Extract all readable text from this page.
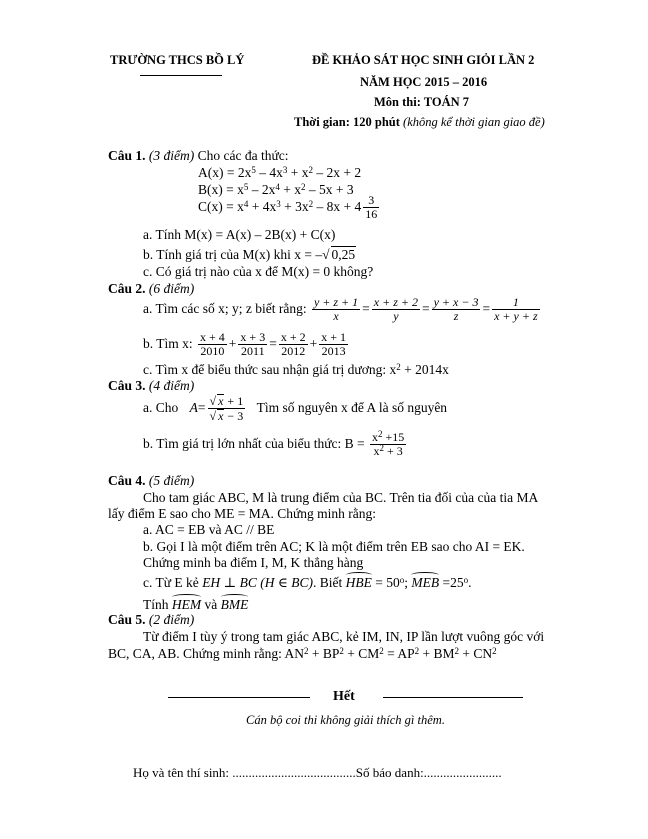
TRƯỜNG THCS BỒ LÝ	ĐỀ KHẢO SÁT HỌC SINH GIỎI LẦN 2
NĂM HỌC 2015 – 2016
Môn thi: TOÁN 7
Thời gian: 120 phút (không kể thời gian giao đề)
Câu 1. (3 điểm) Cho các đa thức:
$A(x) = 2x^5 - 4x^3 + x^2 - 2x + 2$
$B(x) = x^5 - 2x^4 + x^2 - 5x + 3$
$C(x) = x^4 + 4x^3 + 3x^2 - 8x + 4 \frac{3}{16}$
a. Tính M(x) = A(x) – 2B(x) + C(x)
b. Tính giá trị của M(x) khi x = –√ 0,25
c. Có giá trị nào của x để M(x) = 0 không?
Câu 2. (6 điểm)
a. Tìm các số x; y; z biết rằng: $\frac{y + z + 1}{x} = \frac{x + z + 2}{y} = \frac{y + x - 3}{z} = \frac{1}{x + y + z}$
b. Tìm x: $\frac{x + 4}{2010} + \frac{x + 3}{2011} = \frac{x + 2}{2012} + \frac{x + 1}{2013}$
c. Tìm x để biểu thức sau nhận giá trị dương: $x^2 + 2014x$
Câu 3. (4 điểm)
a. Cho $A= \frac{√ x + 1}{√ x - 3}$ Tìm số nguyên x để A là số nguyên
b. Tìm giá trị lớn nhất của biểu thức: $B = \frac{x^2 +15}{x^2 + 3}$
Câu 4. (5 điểm)
Cho tam giác ABC, M là trung điểm của BC. Trên tia đối của của tia MA
lấy điểm E sao cho ME = MA. Chứng minh rằng:
a. AC = EB và AC // BE
b. Gọi I là một điểm trên AC; K là một điểm trên EB sao cho AI = EK.
Chứng minh ba điểm I, M, K thẳng hàng
c. Từ E kẻ EH ⊥ BC (H ∈ BC). Biết HBE = $50^o$; MEB $=25^o$.
Tính HEM và BME
Câu 5. (2 điểm)
Từ điểm I tùy ý trong tam giác ABC, kẻ IM, IN, IP lần lượt vuông góc với
BC, CA, AB. Chứng minh rằng: $AN^2 + BP^2 + CM^2 = AP^2 + BM^2 + CN^2$
Hết
Cán bộ coi thi không giải thích gì thêm.
Họ và tên thí sinh: ......................................Số báo danh:........................
